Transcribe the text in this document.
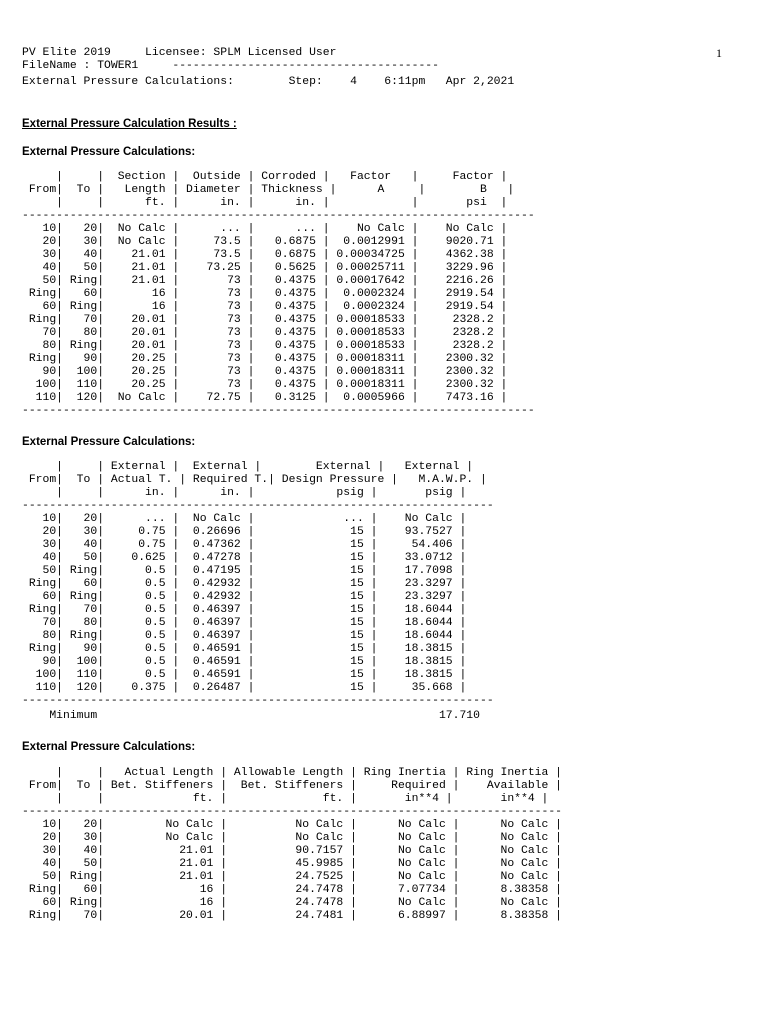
PV Elite 2019     Licensee: SPLM Licensed User
FileName : TOWER1     ---------------------------------------
External Pressure Calculations:        Step:    4    6:11pm   Apr 2,2021
1
External Pressure Calculation Results :
External Pressure Calculations:
|     |  Section |  Outside | Corroded |   Factor   |     Factor |
From|  To |   Length | Diameter | Thickness |      A     |        B   |
|     |      ft. |      in. |      in. |            |       psi  |
---------------------------------------------------------------------------
10|   20|  No Calc |      ... |      ... |    No Calc |    No Calc |
20|   30|  No Calc |     73.5 |   0.6875 |  0.0012991 |    9020.71 |
30|   40|    21.01 |     73.5 |   0.6875 | 0.00034725 |    4362.38 |
40|   50|    21.01 |    73.25 |   0.5625 | 0.00025711 |    3229.96 |
50| Ring|    21.01 |       73 |   0.4375 | 0.00017642 |    2216.26 |
Ring|   60|       16 |       73 |   0.4375 |  0.0002324 |    2919.54 |
60| Ring|       16 |       73 |   0.4375 |  0.0002324 |    2919.54 |
Ring|   70|    20.01 |       73 |   0.4375 | 0.00018533 |     2328.2 |
70|   80|    20.01 |       73 |   0.4375 | 0.00018533 |     2328.2 |
80| Ring|    20.01 |       73 |   0.4375 | 0.00018533 |     2328.2 |
Ring|   90|    20.25 |       73 |   0.4375 | 0.00018311 |    2300.32 |
90|  100|    20.25 |       73 |   0.4375 | 0.00018311 |    2300.32 |
100|  110|    20.25 |       73 |   0.4375 | 0.00018311 |    2300.32 |
110|  120|  No Calc |    72.75 |   0.3125 |  0.0005966 |    7473.16 |
---------------------------------------------------------------------------
External Pressure Calculations:
|     | External |  External |        External |   External |
From|  To | Actual T. | Required T.| Design Pressure |   M.A.W.P. |
|     |      in. |      in. |            psig |       psig |
---------------------------------------------------------------------
10|   20|      ... |  No Calc |             ... |    No Calc |
20|   30|     0.75 |  0.26696 |              15 |    93.7527 |
30|   40|     0.75 |  0.47362 |              15 |     54.406 |
40|   50|    0.625 |  0.47278 |              15 |    33.0712 |
50| Ring|      0.5 |  0.47195 |              15 |    17.7098 |
Ring|   60|      0.5 |  0.42932 |              15 |    23.3297 |
60| Ring|      0.5 |  0.42932 |              15 |    23.3297 |
Ring|   70|      0.5 |  0.46397 |              15 |    18.6044 |
70|   80|      0.5 |  0.46397 |              15 |    18.6044 |
80| Ring|      0.5 |  0.46397 |              15 |    18.6044 |
Ring|   90|      0.5 |  0.46591 |              15 |    18.3815 |
90|  100|      0.5 |  0.46591 |              15 |    18.3815 |
100|  110|      0.5 |  0.46591 |              15 |    18.3815 |
110|  120|    0.375 |  0.26487 |              15 |     35.668 |
---------------------------------------------------------------------
Minimum                                                  17.710
External Pressure Calculations:
|     |   Actual Length | Allowable Length | Ring Inertia | Ring Inertia |
From|  To | Bet. Stiffeners |  Bet. Stiffeners |     Required |    Available |
|     |             ft. |              ft. |       in**4 |       in**4 |
-------------------------------------------------------------------------------
10|   20|         No Calc |          No Calc |      No Calc |      No Calc |
20|   30|         No Calc |          No Calc |      No Calc |      No Calc |
30|   40|           21.01 |          90.7157 |      No Calc |      No Calc |
40|   50|           21.01 |          45.9985 |      No Calc |      No Calc |
50| Ring|           21.01 |          24.7525 |      No Calc |      No Calc |
Ring|   60|              16 |          24.7478 |      7.07734 |      8.38358 |
60| Ring|              16 |          24.7478 |      No Calc |      No Calc |
Ring|   70|           20.01 |          24.7481 |      6.88997 |      8.38358 |
